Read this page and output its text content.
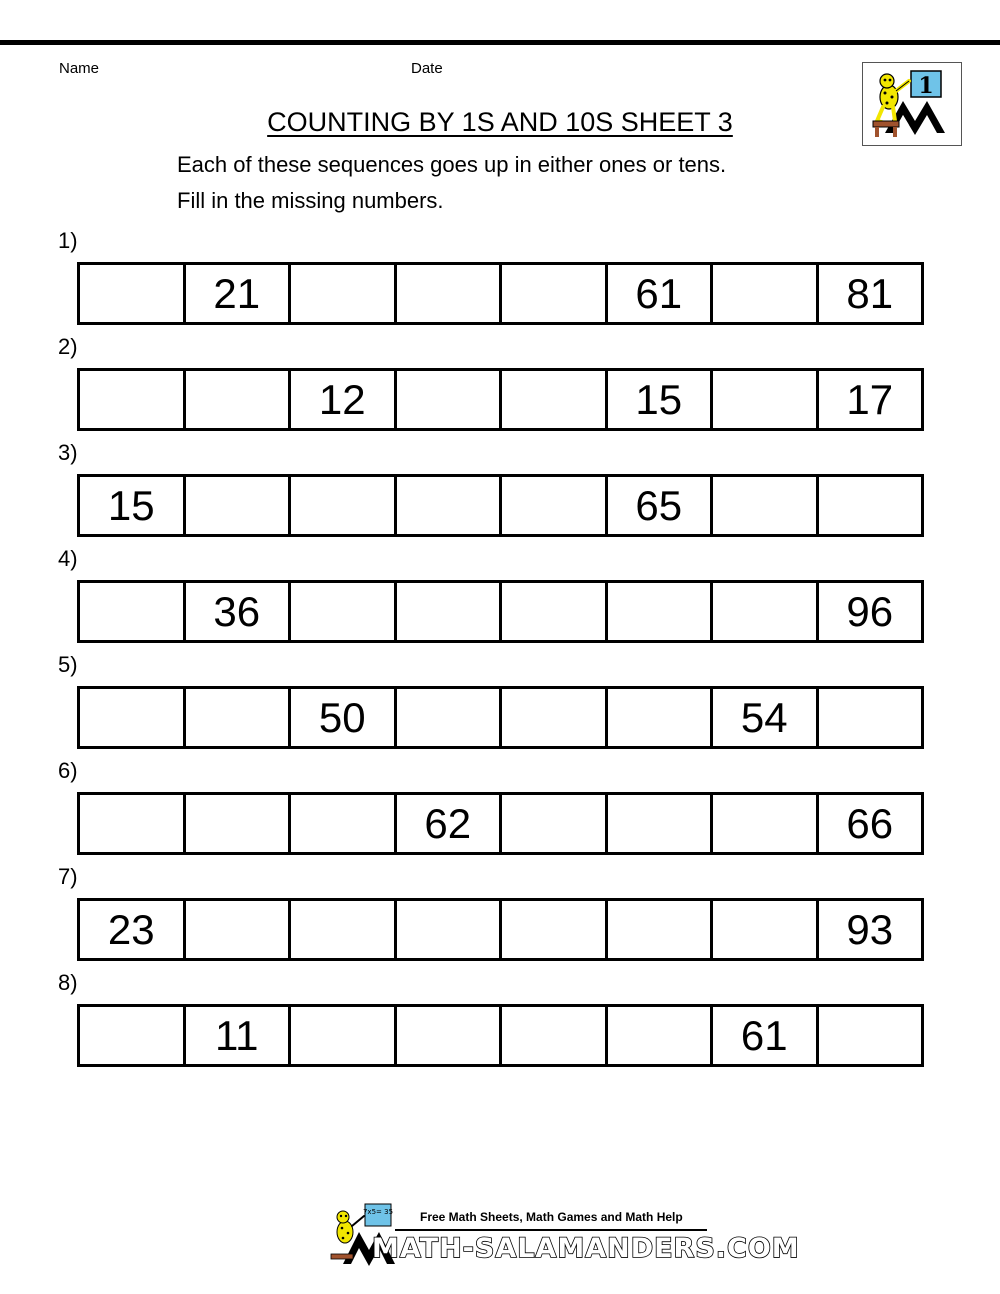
Name	Date
1
COUNTING BY 1S AND 10S SHEET 3
Each of these sequences goes up in either ones or tens.
Fill in the missing numbers.
1)
21	61	81
2)
12	15	17
3)
15	65
4)
36	96
5)
50	54
6)
62	66
7)
23	93
8)
11	61
7x5= 35 Free Math Sheets, Math Games and Math Help
MATH-SALAMANDERS.COM
